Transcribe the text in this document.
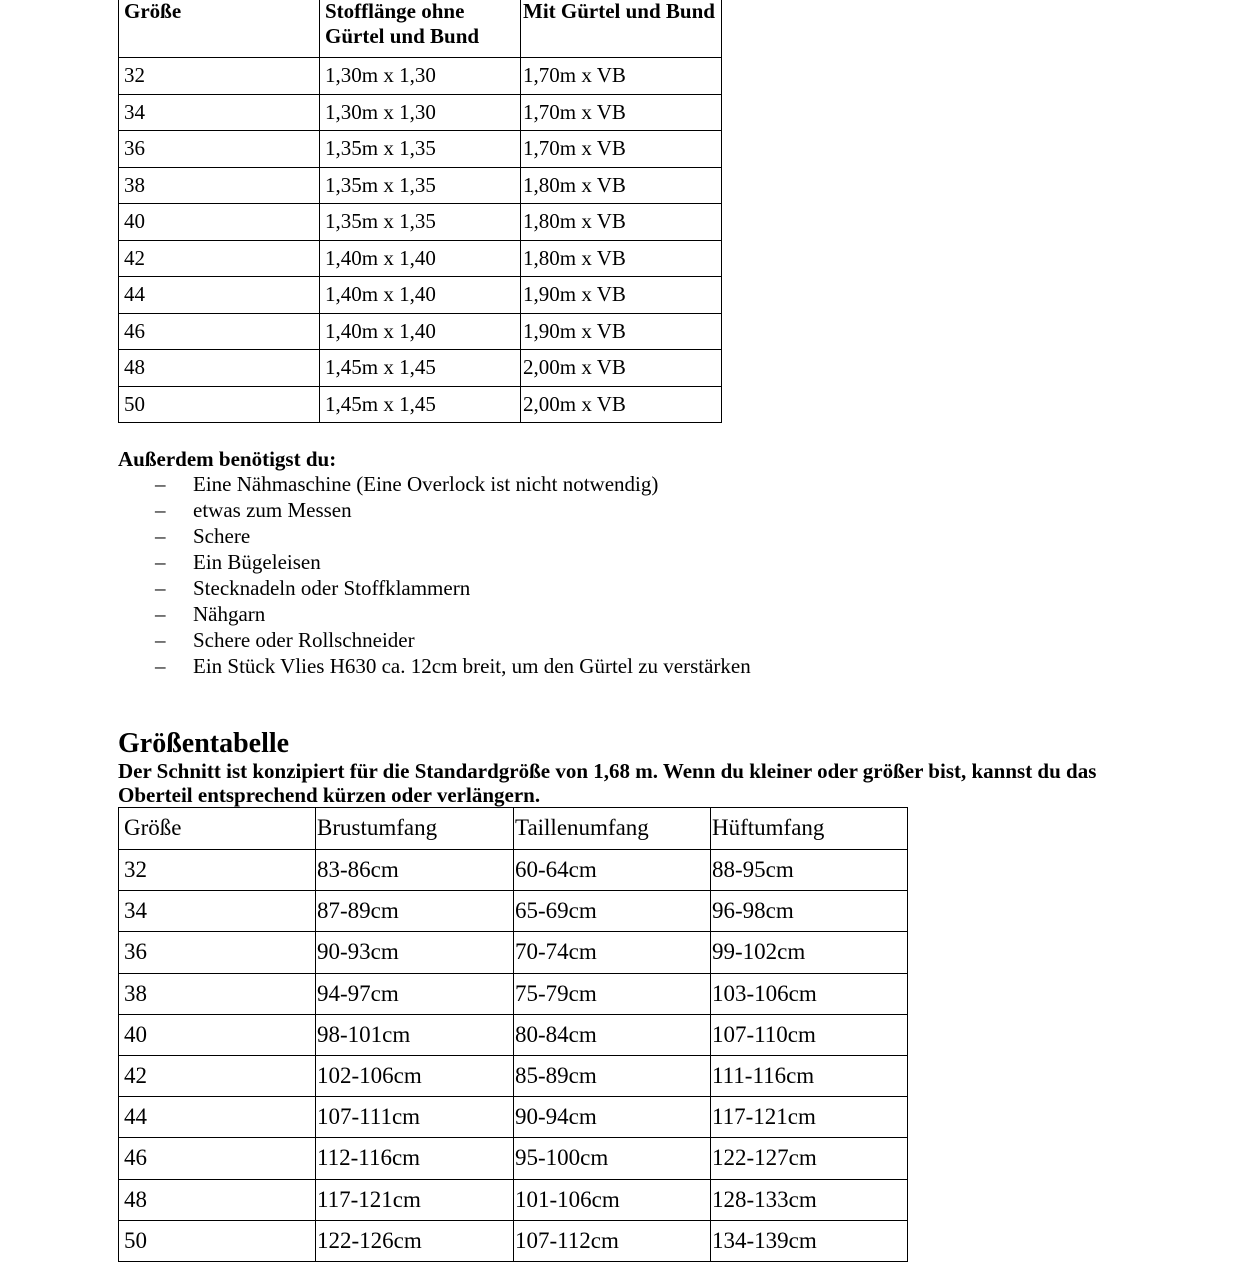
Größe	Stofflänge ohne Gürtel und Bund	Mit Gürtel und Bund
32	1,30m x 1,30	1,70m x VB
34	1,30m x 1,30	1,70m x VB
36	1,35m x 1,35	1,70m x VB
38	1,35m x 1,35	1,80m x VB
40	1,35m x 1,35	1,80m x VB
42	1,40m x 1,40	1,80m x VB
44	1,40m x 1,40	1,90m x VB
46	1,40m x 1,40	1,90m x VB
48	1,45m x 1,45	2,00m x VB
50	1,45m x 1,45	2,00m x VB
Außerdem benötigst du:
– Eine Nähmaschine (Eine Overlock ist nicht notwendig)
– etwas zum Messen
– Schere
– Ein Bügeleisen
– Stecknadeln oder Stoffklammern
– Nähgarn
– Schere oder Rollschneider
– Ein Stück Vlies H630 ca. 12cm breit, um den Gürtel zu verstärken
Größentabelle
Der Schnitt ist konzipiert für die Standardgröße von 1,68 m. Wenn du kleiner oder größer bist, kannst du das Oberteil entsprechend kürzen oder verlängern.
Größe	Brustumfang	Taillenumfang	Hüftumfang
32	83-86cm	60-64cm	88-95cm
34	87-89cm	65-69cm	96-98cm
36	90-93cm	70-74cm	99-102cm
38	94-97cm	75-79cm	103-106cm
40	98-101cm	80-84cm	107-110cm
42	102-106cm	85-89cm	111-116cm
44	107-111cm	90-94cm	117-121cm
46	112-116cm	95-100cm	122-127cm
48	117-121cm	101-106cm	128-133cm
50	122-126cm	107-112cm	134-139cm
